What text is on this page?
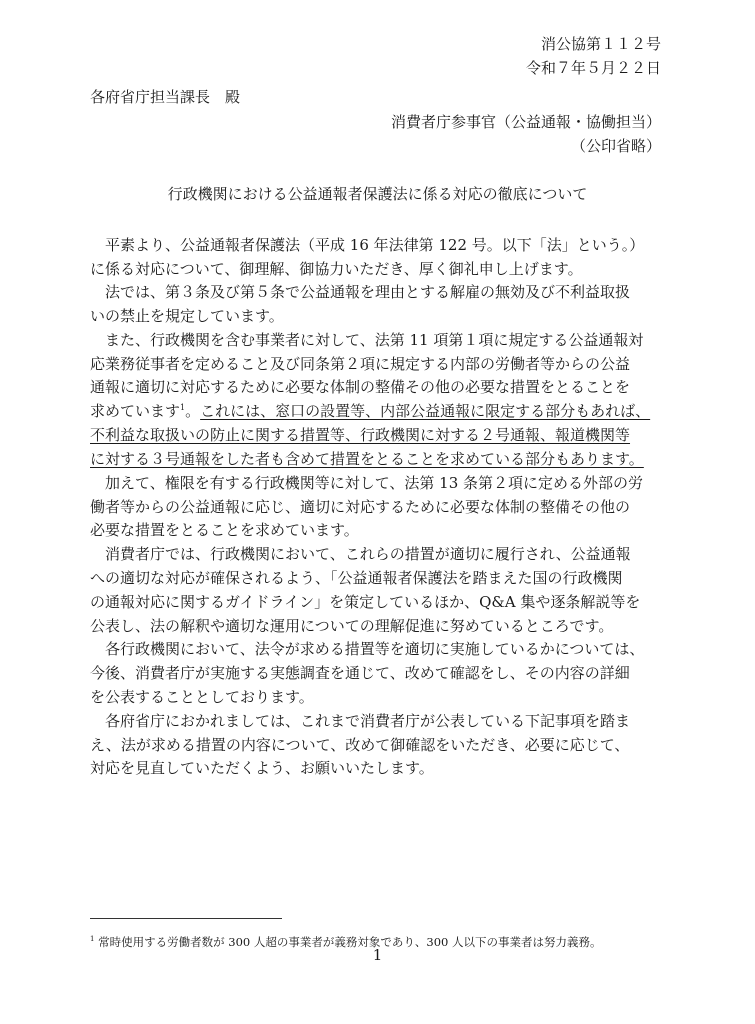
消公協第１１２号
令和７年５月２２日
各府省庁担当課長　殿
消費者庁参事官（公益通報・協働担当）
（公印省略）
行政機関における公益通報者保護法に係る対応の徹底について
平素より、公益通報者保護法（平成 16 年法律第 122 号。以下「法」という。）
に係る対応について、御理解、御協力いただき、厚く御礼申し上げます。
法では、第３条及び第５条で公益通報を理由とする解雇の無効及び不利益取扱
いの禁止を規定しています。
また、行政機関を含む事業者に対して、法第 11 項第１項に規定する公益通報対
応業務従事者を定めること及び同条第２項に規定する内部の労働者等からの公益
通報に適切に対応するために必要な体制の整備その他の必要な措置をとることを
求めています$^1$。これには、窓口の設置等、内部公益通報に限定する部分もあれば、
不利益な取扱いの防止に関する措置等、行政機関に対する２号通報、報道機関等
に対する３号通報をした者も含めて措置をとることを求めている部分もあります。
加えて、権限を有する行政機関等に対して、法第 13 条第２項に定める外部の労
働者等からの公益通報に応じ、適切に対応するために必要な体制の整備その他の
必要な措置をとることを求めています。
消費者庁では、行政機関において、これらの措置が適切に履行され、公益通報
への適切な対応が確保されるよう、「公益通報者保護法を踏まえた国の行政機関
の通報対応に関するガイドライン」を策定しているほか、Q&A 集や逐条解説等を
公表し、法の解釈や適切な運用についての理解促進に努めているところです。
各行政機関において、法令が求める措置等を適切に実施しているかについては、
今後、消費者庁が実施する実態調査を通じて、改めて確認をし、その内容の詳細
を公表することとしております。
各府省庁におかれましては、これまで消費者庁が公表している下記事項を踏ま
え、法が求める措置の内容について、改めて御確認をいただき、必要に応じて、
対応を見直していただくよう、お願いいたします。
$^1$ 常時使用する労働者数が 300 人超の事業者が義務対象であり、300 人以下の事業者は努力義務。
1
